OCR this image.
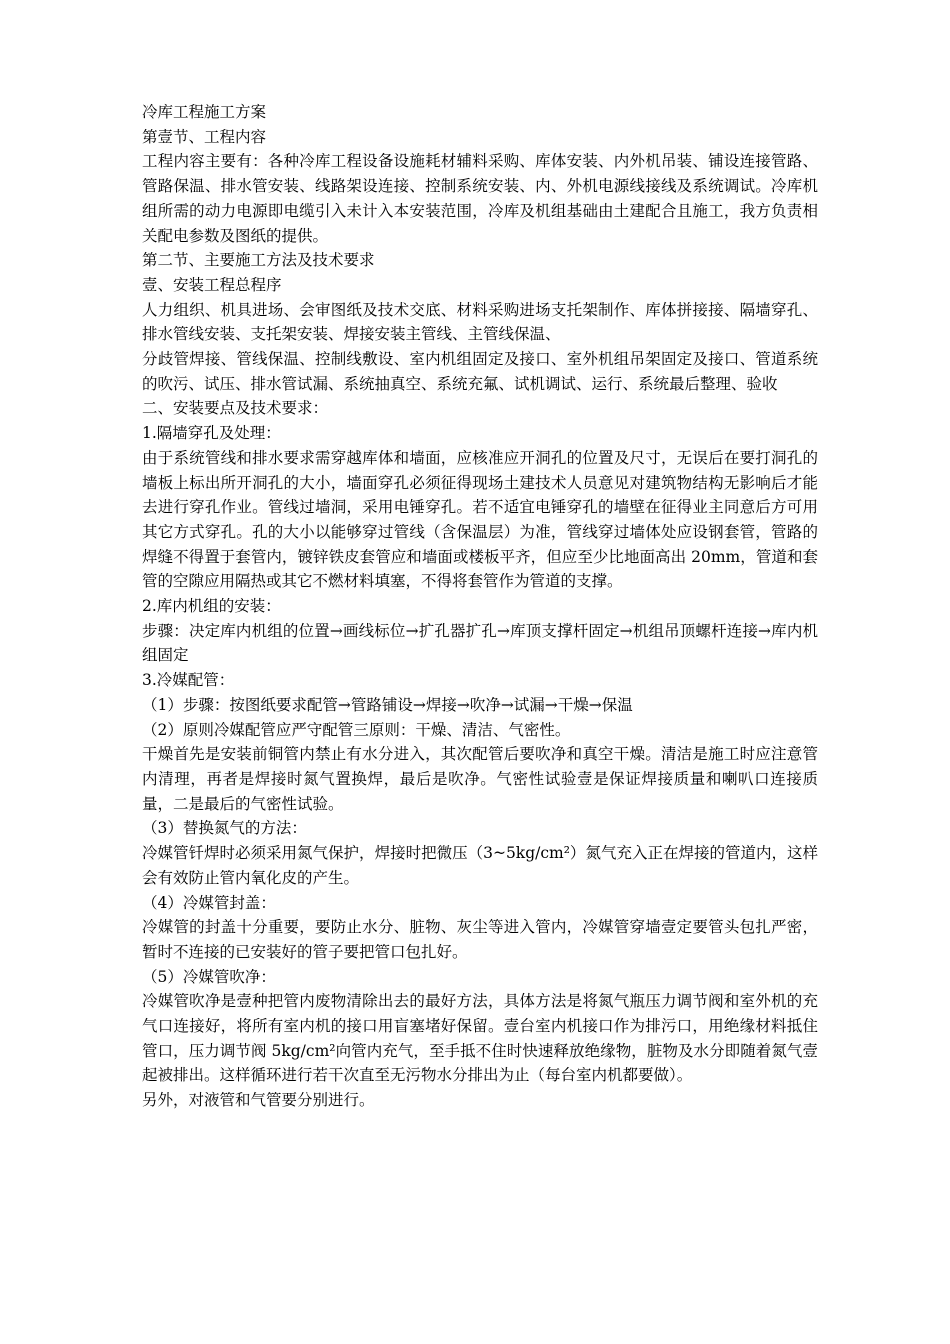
冷库工程施工方案

第壹节、工程内容

工程内容主要有：各种冷库工程设备设施耗材辅料采购、库体安装、内外机吊装、铺设连接管路、管路保温、排水管安装、线路架设连接、控制系统安装、内、外机电源线接线及系统调试。冷库机组所需的动力电源即电缆引入未计入本安装范围，冷库及机组基础由土建配合且施工，我方负责相关配电参数及图纸的提供。

第二节、主要施工方法及技术要求

壹、安装工程总程序

人力组织、机具进场、会审图纸及技术交底、材料采购进场支托架制作、库体拼接接、隔墙穿孔、排水管线安装、支托架安装、焊接安装主管线、主管线保温、

分歧管焊接、管线保温、控制线敷设、室内机组固定及接口、室外机组吊架固定及接口、管道系统的吹污、试压、排水管试漏、系统抽真空、系统充氟、试机调试、运行、系统最后整理、验收

二、安装要点及技术要求：

1.隔墙穿孔及处理：

由于系统管线和排水要求需穿越库体和墙面，应核准应开洞孔的位置及尺寸，无误后在要打洞孔的墙板上标出所开洞孔的大小，墙面穿孔必须征得现场土建技术人员意见对建筑物结构无影响后才能去进行穿孔作业。管线过墙洞，采用电锤穿孔。若不适宜电锤穿孔的墙壁在征得业主同意后方可用其它方式穿孔。孔的大小以能够穿过管线（含保温层）为准，管线穿过墙体处应设钢套管，管路的焊缝不得置于套管内，镀锌铁皮套管应和墙面或楼板平齐，但应至少比地面高出 20mm，管道和套管的空隙应用隔热或其它不燃材料填塞，不得将套管作为管道的支撑。

2.库内机组的安装：

步骤：决定库内机组的位置→画线标位→扩孔器扩孔→库顶支撑杆固定→机组吊顶螺杆连接→库内机组固定

3.冷媒配管：

（1）步骤：按图纸要求配管→管路铺设→焊接→吹净→试漏→干燥→保温

（2）原则冷媒配管应严守配管三原则：干燥、清洁、气密性。

干燥首先是安装前铜管内禁止有水分进入，其次配管后要吹净和真空干燥。清洁是施工时应注意管内清理，再者是焊接时氮气置换焊，最后是吹净。气密性试验壹是保证焊接质量和喇叭口连接质量，二是最后的气密性试验。

（3）替换氮气的方法：

冷媒管钎焊时必须采用氮气保护，焊接时把微压（3~5kg/cm²）氮气充入正在焊接的管道内，这样会有效防止管内氧化皮的产生。

（4）冷媒管封盖：

冷媒管的封盖十分重要，要防止水分、脏物、灰尘等进入管内，冷媒管穿墙壹定要管头包扎严密，暂时不连接的已安装好的管子要把管口包扎好。

（5）冷媒管吹净：

冷媒管吹净是壹种把管内废物清除出去的最好方法，具体方法是将氮气瓶压力调节阀和室外机的充气口连接好，将所有室内机的接口用盲塞堵好保留。壹台室内机接口作为排污口，用绝缘材料抵住管口，压力调节阀 5kg/cm²向管内充气，至手抵不住时快速释放绝缘物，脏物及水分即随着氮气壹起被排出。这样循环进行若干次直至无污物水分排出为止（每台室内机都要做）。

另外，对液管和气管要分别进行。
